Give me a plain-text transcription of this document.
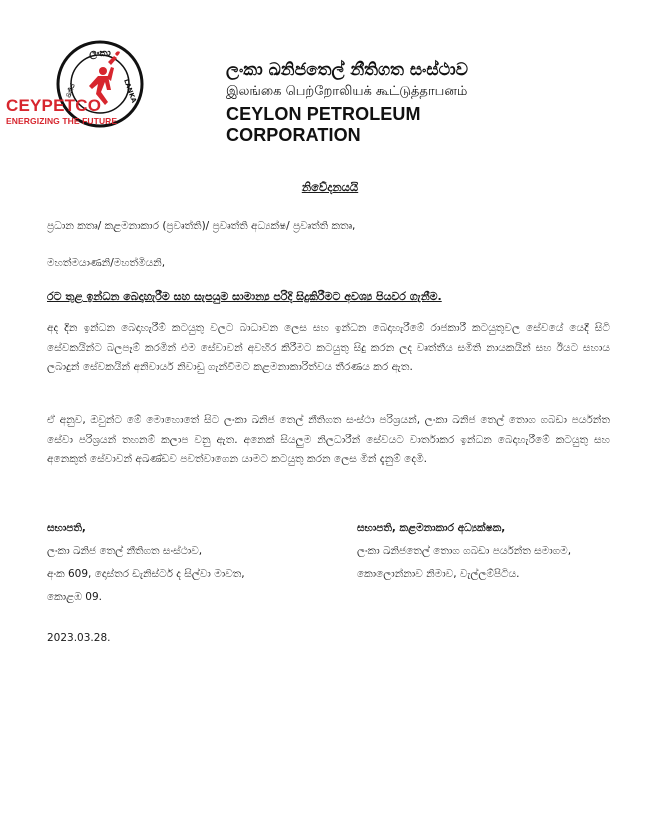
ලංකා
ඛනිජ	LANKA
CEYPETCO
ENERGIZING THE FUTURE
ලංකා ඛනිජතෙල් නීතිගත සංස්ථාව
இலங்கை பெற்றோலியக் கூட்டுத்தாபனம்
CEYLON PETROLEUM CORPORATION
නිවේදනයයි
ප්‍රධාන කතෘ/ කළමනාකාර (ප්‍රවෘත්ති)/ ප්‍රවෘත්ති අධ්‍යක්ෂ/ ප්‍රවෘත්ති කතෘ,
මහත්මයාණනි/මහත්මියනි,
රට තුළ ඉන්ධන බෙදාහැරීම සහ සැපයුම සාමාන්‍ය පරිදි සිදුකිරීමට අවශ්‍ය පියවර ගැනීම.
අද දින ඉන්ධන බෙදාහැරීම් කටයුතු වලට බාධාවන ලෙස සහ ඉන්ධන බෙදාහැරීමේ රාජකාරී කටයුතුවල සේවයේ යෙදී සිටි සේවකයින්ට බලපෑම් කරමින් එම සේවාවන් අවහිර කිරීමට කටයුතු සිදු කරන ලද වෘත්තීය සමිති නායකයින් සහ ඊයට සහාය ලබාදුන් සේවකයින් අනිවාර්ය නිවාඩු ගැන්වීමට කළමනාකාරිත්වය තීරණය කර ඇත.
ඒ අනුව, ඔවුන්ට මේ මොහොතේ සිට ලංකා ඛනිජ තෙල් නීතිගත සංස්ථා පරිශ්‍රයන්, ලංකා ඛනිජ තෙල් තොග ගබඩා පර්යන්ත සේවා පරිශ්‍රයන් තහනම් කලාප වනු ඇත. අනෙක් සියලුම නිලධාරීන් සේවයට වාර්තාකර ඉන්ධන බෙදාහැරීමේ කටයුතු සහ අනෙකුත් සේවාවන් අඛණ්ඩව පවත්වාගෙන යාමට කටයුතු කරන ලෙස මින් දැනුම් දෙමි.
සභාපති,
ලංකා ඛනිජ තෙල් නීතිගත සංස්ථාව,
අංක 609, දොස්තර ඩැනිස්ටර් ද සිල්වා මාවත,
කොළඹ 09.
සභාපති, කළමනාකාර අධ්‍යක්ෂක,
ලංකා ඛනිජතෙල් තොග ගබඩා පර්යන්ත සමාගම,
කොලොන්නාව නිමාව, වැල්ලම්පිටිය.
2023.03.28.
